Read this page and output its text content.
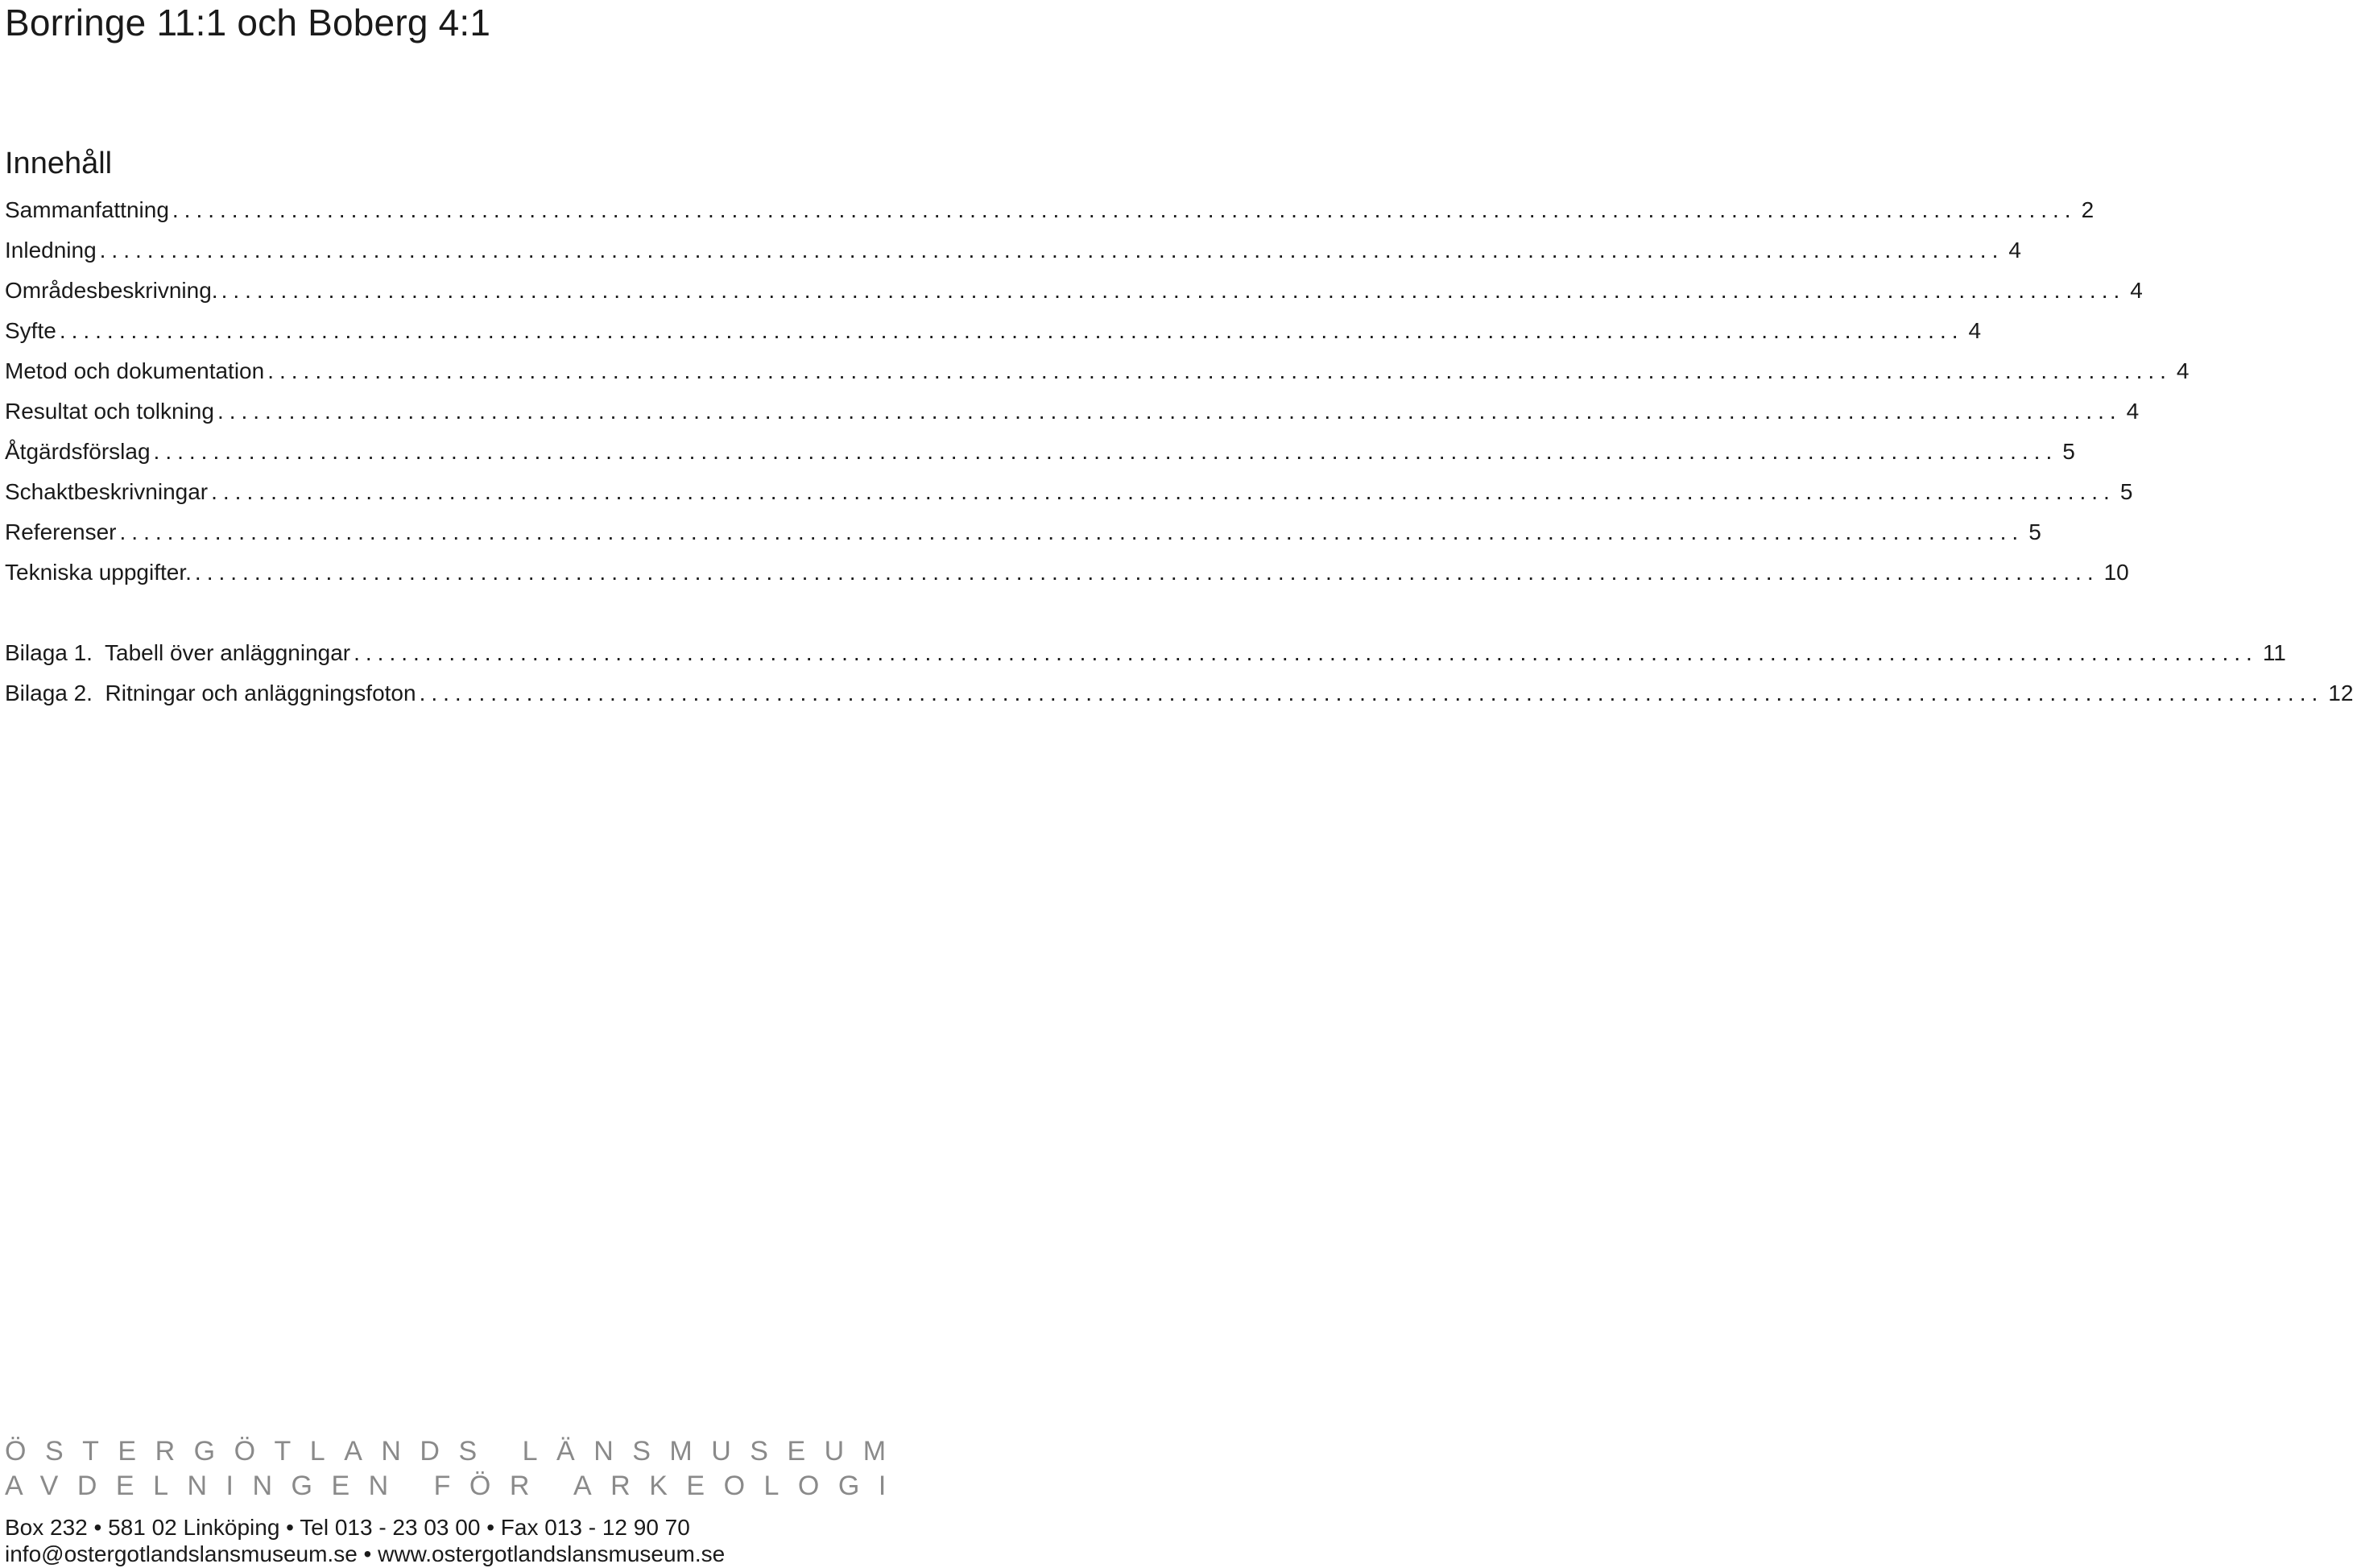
Borringe 11:1 och Boberg 4:1
Innehåll
Sammanfattning ................................................................................................................................................................ 2
Inledning ................................................................................................................................................................ 4
Områdesbeskrivning. ................................................................................................................................................................ 4
Syfte ................................................................................................................................................................ 4
Metod och dokumentation ................................................................................................................................................................ 4
Resultat och tolkning ................................................................................................................................................................ 4
Åtgärdsförslag ................................................................................................................................................................ 5
Schaktbeskrivningar ................................................................................................................................................................ 5
Referenser ................................................................................................................................................................ 5
Tekniska uppgifter. ................................................................................................................................................................ 10
Bilaga 1.  Tabell över anläggningar ................................................................................................................................................................ 11
Bilaga 2.  Ritningar och anläggningsfoton ................................................................................................................................................................ 12
ÖSTERGÖTLANDS LÄNSMUSEUM
AVDELNINGEN FÖR ARKEOLOGI
Box 232 • 581 02 Linköping • Tel 013 - 23 03 00 • Fax 013 - 12 90 70
info@ostergotlandslansmuseum.se • www.ostergotlandslansmuseum.se
